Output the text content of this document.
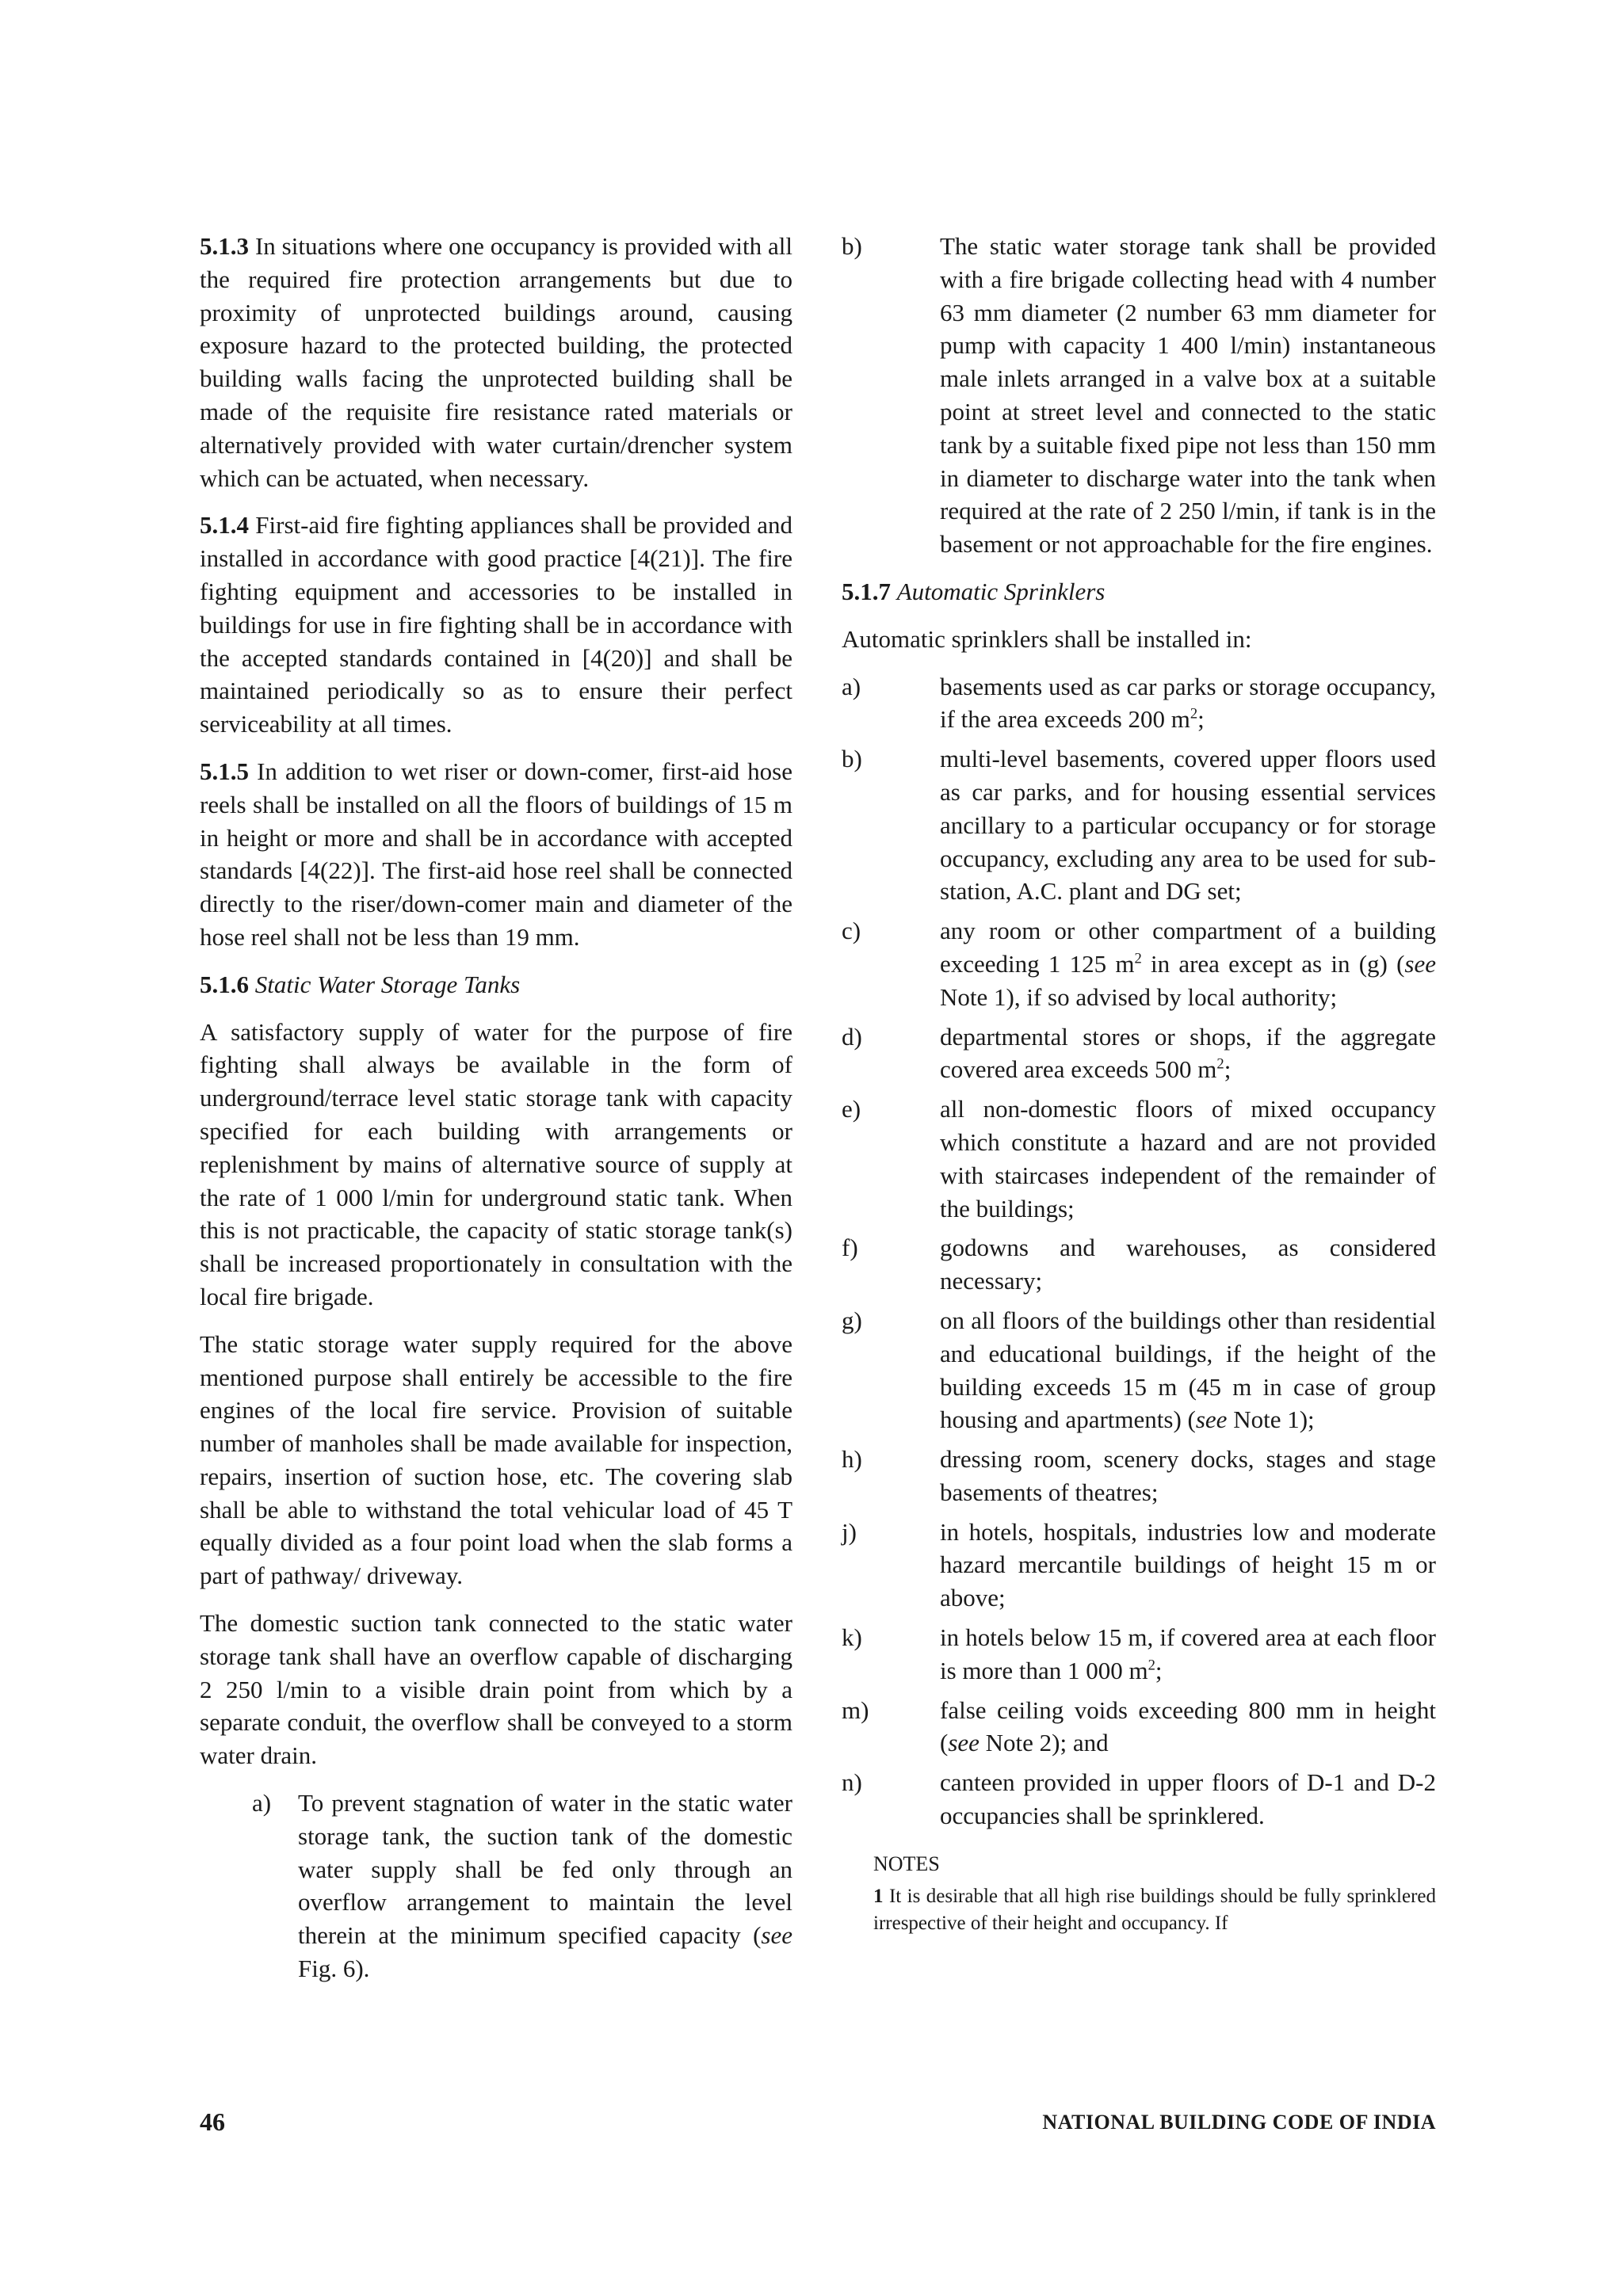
5.1.3 In situations where one occupancy is provided with all the required fire protection arrangements but due to proximity of unprotected buildings around, causing exposure hazard to the protected building, the protected building walls facing the unprotected building shall be made of the requisite fire resistance rated materials or alternatively provided with water curtain/drencher system which can be actuated, when necessary.

5.1.4 First-aid fire fighting appliances shall be provided and installed in accordance with good practice [4(21)]. The fire fighting equipment and accessories to be installed in buildings for use in fire fighting shall be in accordance with the accepted standards contained in [4(20)] and shall be maintained periodically so as to ensure their perfect serviceability at all times.

5.1.5 In addition to wet riser or down-comer, first-aid hose reels shall be installed on all the floors of buildings of 15 m in height or more and shall be in accordance with accepted standards [4(22)]. The first-aid hose reel shall be connected directly to the riser/down-comer main and diameter of the hose reel shall not be less than 19 mm.

5.1.6 Static Water Storage Tanks

A satisfactory supply of water for the purpose of fire fighting shall always be available in the form of underground/terrace level static storage tank with capacity specified for each building with arrangements or replenishment by mains of alternative source of supply at the rate of 1 000 l/min for underground static tank. When this is not practicable, the capacity of static storage tank(s) shall be increased proportionately in consultation with the local fire brigade.

The static storage water supply required for the above mentioned purpose shall entirely be accessible to the fire engines of the local fire service. Provision of suitable number of manholes shall be made available for inspection, repairs, insertion of suction hose, etc. The covering slab shall be able to withstand the total vehicular load of 45 T equally divided as a four point load when the slab forms a part of pathway/ driveway.

The domestic suction tank connected to the static water storage tank shall have an overflow capable of discharging 2 250 l/min to a visible drain point from which by a separate conduit, the overflow shall be conveyed to a storm water drain.

a) To prevent stagnation of water in the static water storage tank, the suction tank of the domestic water supply shall be fed only through an overflow arrangement to maintain the level therein at the minimum specified capacity (see Fig. 6).
b)	The static water storage tank shall be provided with a fire brigade collecting head with 4 number 63 mm diameter (2 number 63 mm diameter for pump with capacity 1 400 l/min) instantaneous male inlets arranged in a valve box at a suitable point at street level and connected to the static tank by a suitable fixed pipe not less than 150 mm in diameter to discharge water into the tank when required at the rate of 2 250 l/min, if tank is in the basement or not approachable for the fire engines.

5.1.7 Automatic Sprinklers

Automatic sprinklers shall be installed in:

a)	basements used as car parks or storage occupancy, if the area exceeds 200 $m^2$;
b)	multi-level basements, covered upper floors used as car parks, and for housing essential services ancillary to a particular occupancy or for storage occupancy, excluding any area to be used for sub-station, A.C. plant and DG set;
c)	any room or other compartment of a building exceeding 1 125 $m^2$ in area except as in (g) (see Note 1), if so advised by local authority;
d)	departmental stores or shops, if the aggregate covered area exceeds 500 $m^2$;
e)	all non-domestic floors of mixed occupancy which constitute a hazard and are not provided with staircases independent of the remainder of the buildings;
f)	godowns and warehouses, as considered necessary;
g)	on all floors of the buildings other than residential and educational buildings, if the height of the building exceeds 15 m (45 m in case of group housing and apartments) (see Note 1);
h)	dressing room, scenery docks, stages and stage basements of theatres;
j)	in hotels, hospitals, industries low and moderate hazard mercantile buildings of height 15 m or above;
k)	in hotels below 15 m, if covered area at each floor is more than 1 000 $m^2$;
m)	false ceiling voids exceeding 800 mm in height (see Note 2); and
n)	canteen provided in upper floors of D-1 and D-2 occupancies shall be sprinklered.
NOTES

1 It is desirable that all high rise buildings should be fully sprinklered irrespective of their height and occupancy. If

46	NATIONAL BUILDING CODE OF INDIA
